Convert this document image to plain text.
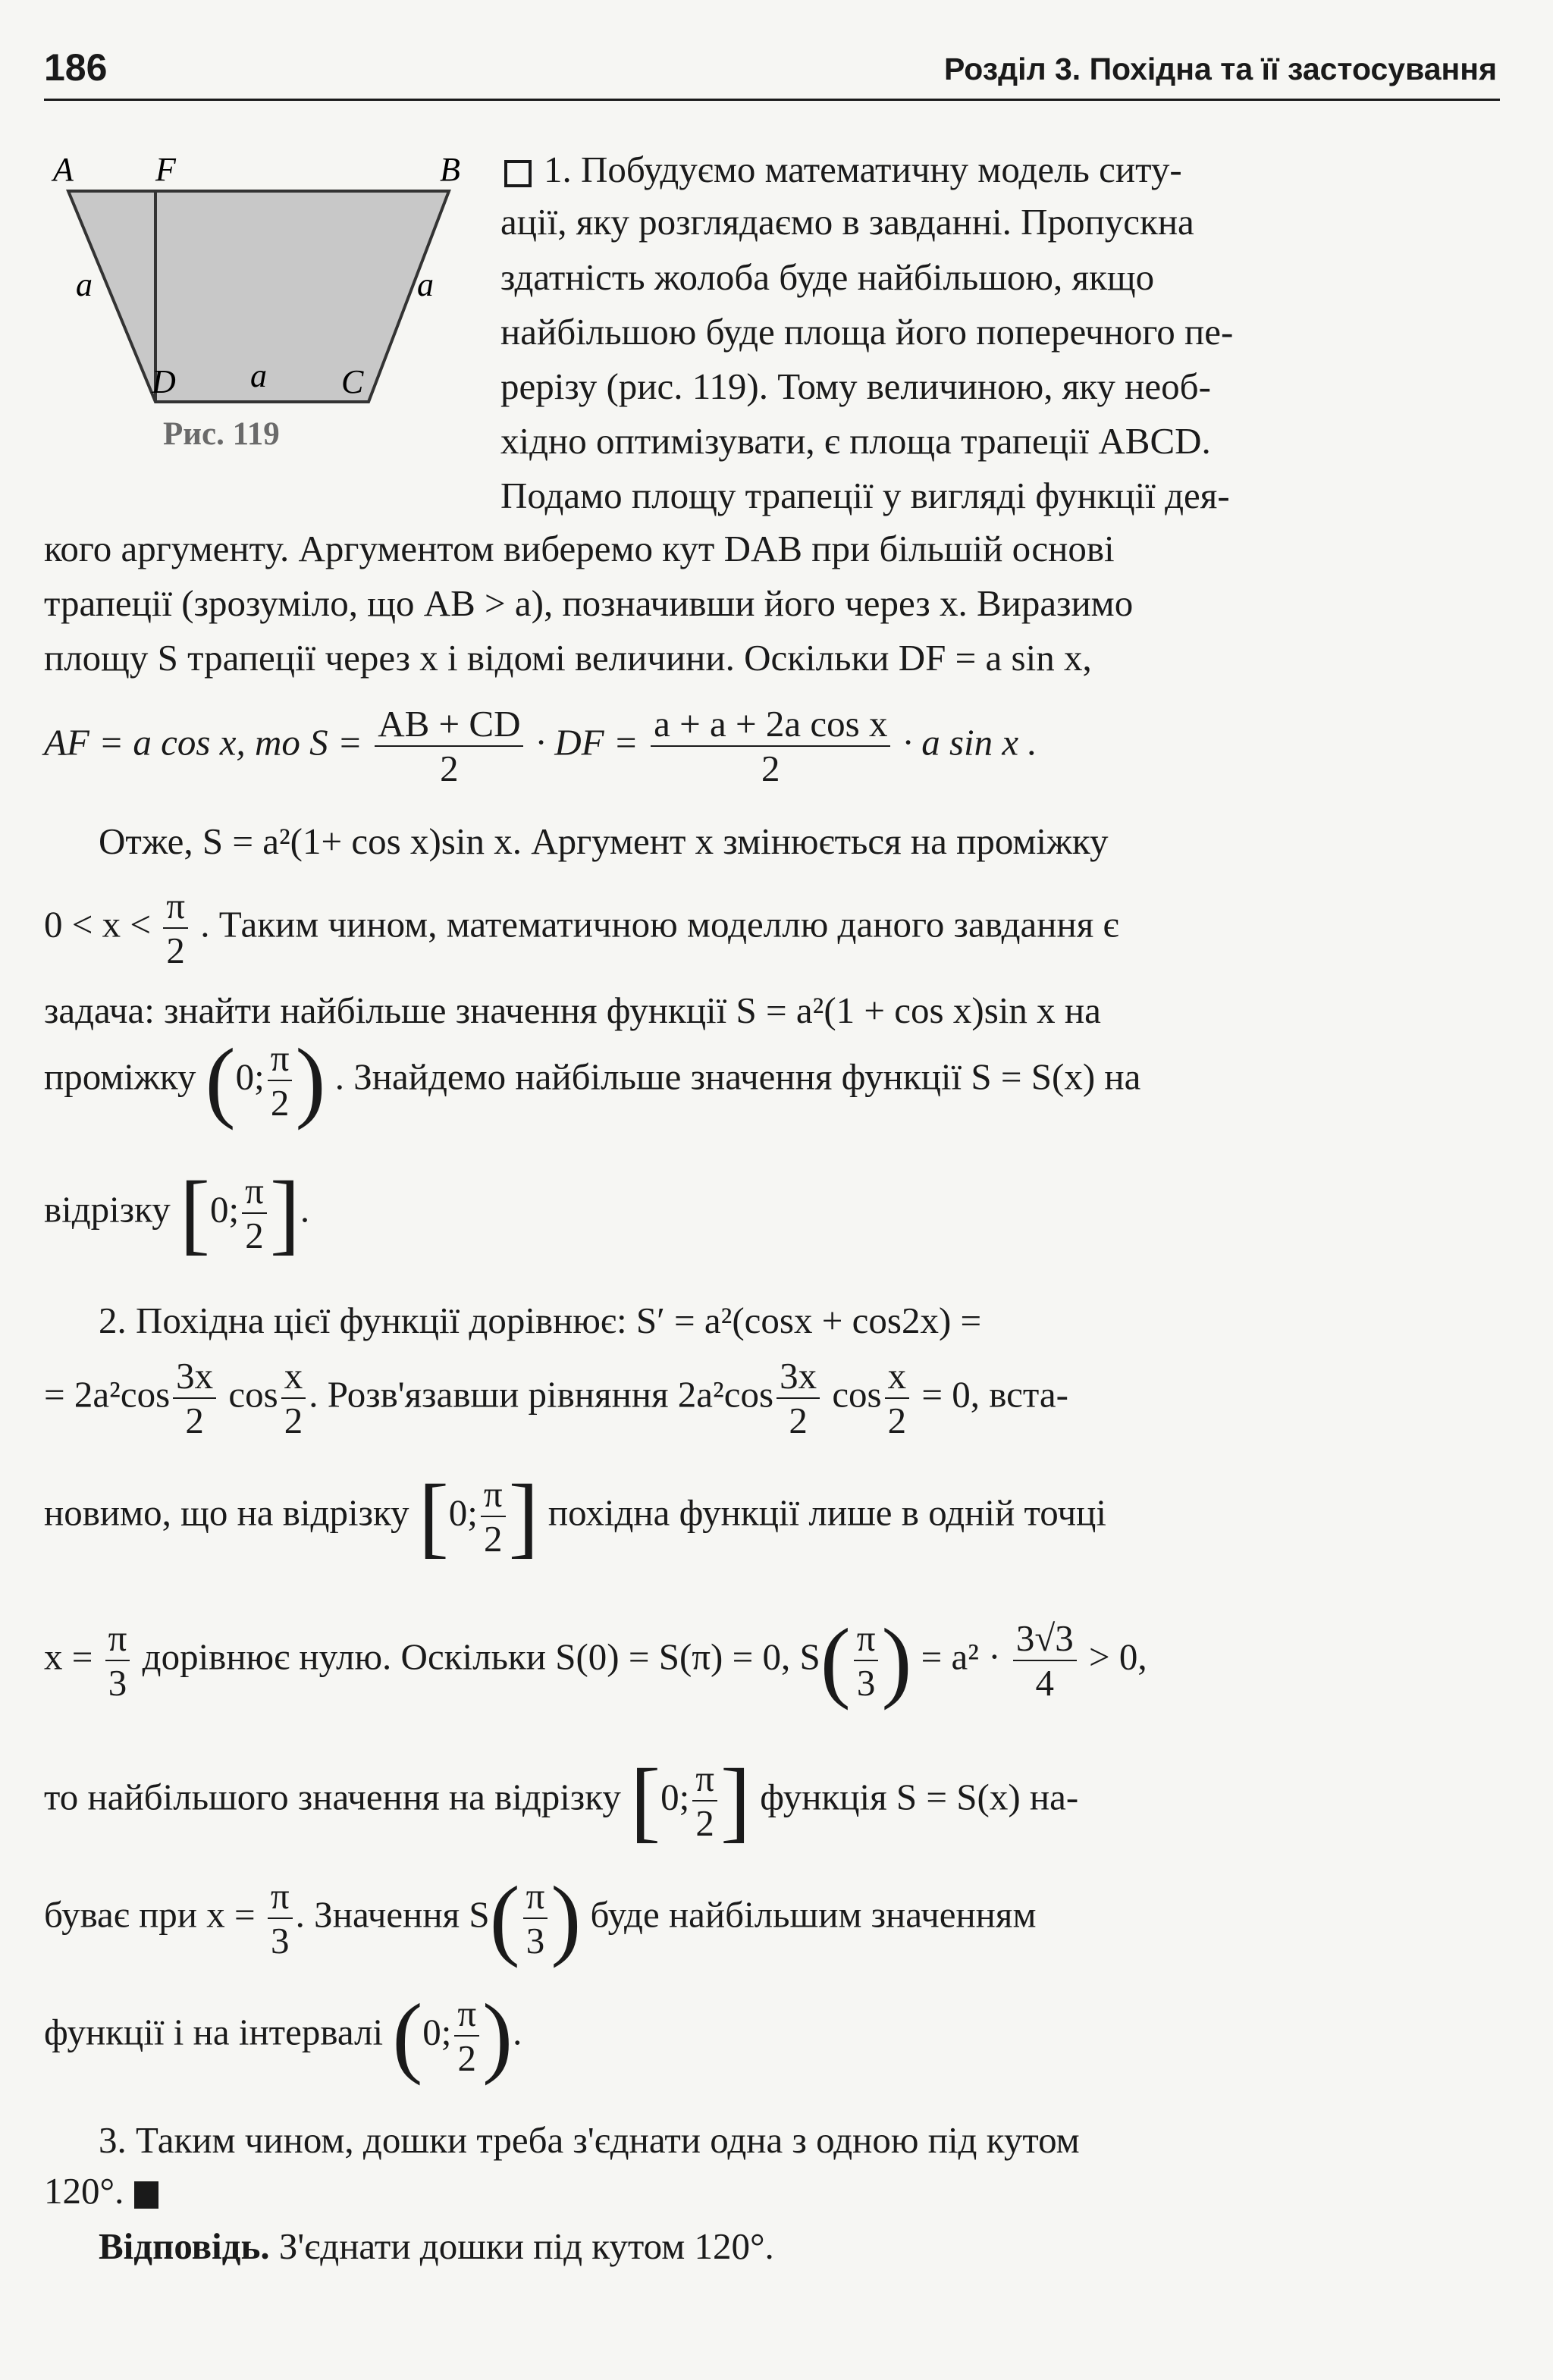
186	Розділ 3. Похідна та її застосування
A F	B
a	a
D a C
Рис. 119
1. Побудуємо математичну модель ситу-
ації, яку розглядаємо в завданні. Пропускна
здатність жолоба буде найбільшою, якщо
найбільшою буде площа його поперечного пе-
рерізу (рис. 119). Тому величиною, яку необ-
хідно оптимізувати, є площа трапеції ABCD.
Подамо площу трапеції у вигляді функції дея-
кого аргументу. Аргументом виберемо кут DAB при більшій основі
трапеції (зрозуміло, що AB > a), позначивши його через x. Виразимо
площу S трапеції через x і відомі величини. Оскільки DF = a sin x,
AF = a cos x, то $S = \frac{AB + CD}{2}$ · DF = $\frac{\text{a + a + 2a cos x}}{2} \cdot a$ sin x .
Отже, S = a²(1+ cos x)sin x. Аргумент x змінюється на проміжку
$0 < x < \frac{\pi}{2}$ . Таким чином, математичною моделлю даного завдання є
задача: знайти найбільше значення функції S = a²(1 + cos x)sin x на
проміжку (0; $\frac{\pi}{2}$ ) . Знайдемо найбільше значення функції S = S(x) на
відрізку [0; $\frac{\pi}{2}$ ].
2. Похідна цієї функції дорівнює: S′ = a²(cosx + cos2x) =
= $2a^2\cos \frac{3x}{2}$ $\cos \frac{x}{2}$ . Розв'язавши рівняння $2a^2\cos \frac{3x}{2}$ $\cos \frac{x}{2} = 0$, вста-
новимо, що на відрізку [0; $\frac{\pi}{2}$ ] похідна функції лише в одній точці
$x = \frac{\pi}{3}$ дорівнює нулю. Оскільки S(0) = S(π) = 0, $S( \frac{\pi}{3}$ ) = $a^2 \cdot \frac{3√3}{4} > 0$,
то найбільшого значення на відрізку [0; $\frac{\pi}{2}$ ] функція S = S(x) на-
буває при $x = \frac{\pi}{3}$ . Значення $S( \frac{\pi}{3}$ ) буде найбільшим значенням
функції і на інтервалі (0; $\frac{\pi}{2}$ ).
3. Таким чином, дошки треба з'єднати одна з одною під кутом
120°.
Відповідь. З'єднати дошки під кутом 120°.
